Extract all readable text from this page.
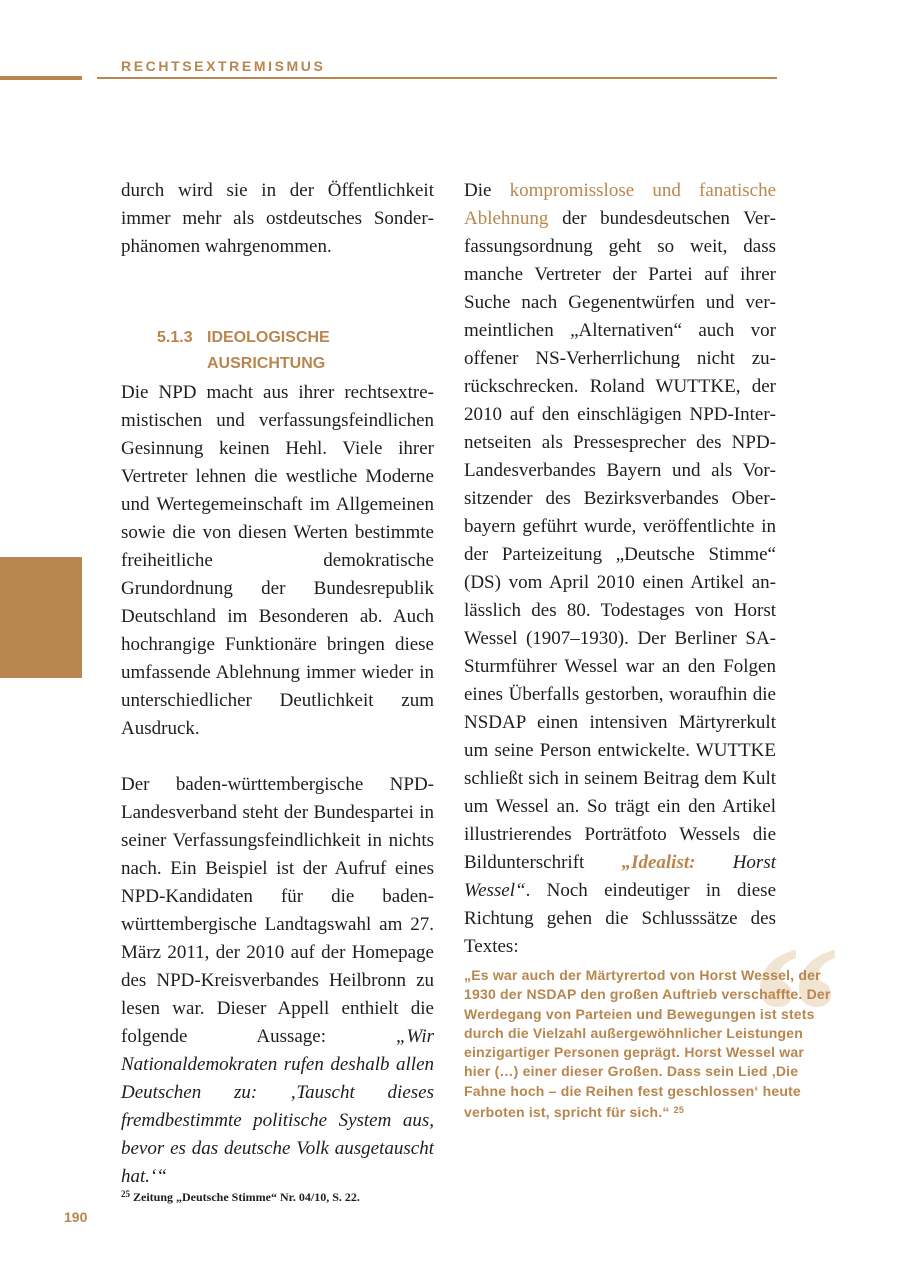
RECHTSEXTREMISMUS

durch wird sie in der Öffentlichkeit immer mehr als ostdeutsches Sonderphänomen wahrgenommen.

5.1.3 IDEOLOGISCHE
AUSRICHTUNG

Die NPD macht aus ihrer rechtsextremistischen und verfassungsfeindlichen Gesinnung keinen Hehl. Viele ihrer Vertreter lehnen die westliche Moderne und Wertegemeinschaft im Allgemeinen sowie die von diesen Werten bestimmte freiheitliche demokratische Grundordnung der Bundesrepublik Deutschland im Besonderen ab. Auch hochrangige Funktionäre bringen diese umfassende Ablehnung immer wieder in unterschiedlicher Deutlichkeit zum Ausdruck.

Der baden-württembergische NPD-Landesverband steht der Bundespartei in seiner Verfassungsfeindlichkeit in nichts nach. Ein Beispiel ist der Aufruf eines NPD-Kandidaten für die baden-württembergische Landtagswahl am 27. März 2011, der 2010 auf der Homepage des NPD-Kreisverbandes Heilbronn zu lesen war. Dieser Appell enthielt die folgende Aussage: „Wir Nationaldemokraten rufen deshalb allen Deutschen zu: ‚Tauscht dieses fremdbestimmte politische System aus, bevor es das deutsche Volk ausgetauscht hat.‘“

Die kompromisslose und fanatische Ablehnung der bundesdeutschen Verfassungsordnung geht so weit, dass manche Vertreter der Partei auf ihrer Suche nach Gegenentwürfen und vermeintlichen „Alternativen“ auch vor offener NS-Verherrlichung nicht zurückschrecken. Roland WUTTKE, der 2010 auf den einschlägigen NPD-Internetseiten als Pressesprecher des NPD-Landesverbandes Bayern und als Vorsitzender des Bezirksverbandes Oberbayern geführt wurde, veröffentlichte in der Parteizeitung „Deutsche Stimme“ (DS) vom April 2010 einen Artikel anlässlich des 80. Todestages von Horst Wessel (1907–1930). Der Berliner SA-Sturmführer Wessel war an den Folgen eines Überfalls gestorben, woraufhin die NSDAP einen intensiven Märtyrerkult um seine Person entwickelte. WUTTKE schließt sich in seinem Beitrag dem Kult um Wessel an. So trägt ein den Artikel illustrierendes Porträtfoto Wessels die Bildunterschrift „Idealist: Horst Wessel“. Noch eindeutiger in diese Richtung gehen die Schlusssätze des Textes:	“
„Es war auch der Märtyrertod von Horst Wessel, der 1930 der NSDAP den großen Auftrieb verschaffte. Der Werdegang von Parteien und Bewegungen ist stets durch die Vielzahl außergewöhnlicher Leistungen einzigartiger Personen geprägt. Horst Wessel war hier (…) einer dieser Großen. Dass sein Lied ‚Die Fahne hoch – die Reihen fest geschlossen‘ heute verboten ist, spricht für sich.“ $^{25}$
$^{25}$ Zeitung „Deutsche Stimme“ Nr. 04/10, S. 22.
190
